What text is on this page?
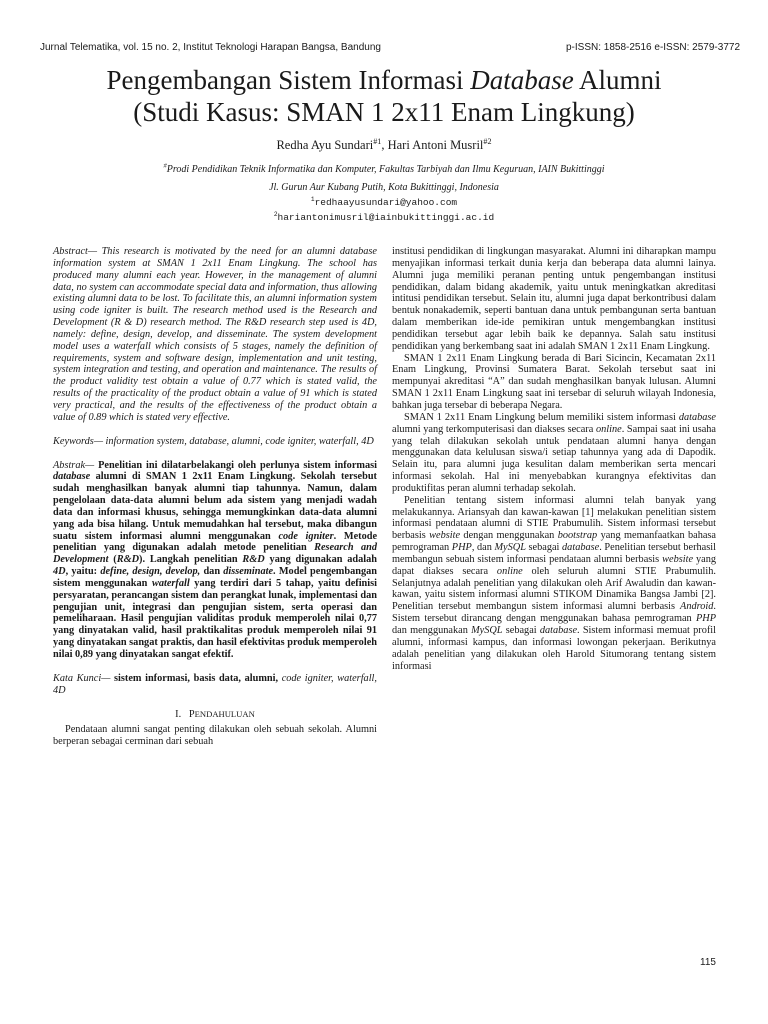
Jurnal Telematika, vol. 15 no. 2, Institut Teknologi Harapan Bangsa, Bandung	p-ISSN: 1858-2516 e-ISSN: 2579-3772
Pengembangan Sistem Informasi Database Alumni
(Studi Kasus: SMAN 1 2x11 Enam Lingkung)
Redha Ayu Sundari$^{\#1}$, Hari Antoni Musril$^{\#2}$
#Prodi Pendidikan Teknik Informatika dan Komputer, Fakultas Tarbiyah dan Ilmu Keguruan, IAIN Bukittinggi
Jl. Gurun Aur Kubang Putih, Kota Bukittinggi, Indonesia
$^1$redhaayusundari@yahoo.com
$^2$hariantonimusril@iainbukittinggi.ac.id

Abstract— This research is motivated by the need for an alumni database information system at SMAN 1 2x11 Enam Lingkung. The school has produced many alumni each year. However, in the management of alumni data, no system can accommodate special data and information, thus allowing existing alumni data to be lost. To facilitate this, an alumni information system using code igniter is built. The research method used is the Research and Development (R & D) research method. The R&D research step used is 4D, namely: define, design, develop, and disseminate. The system development model uses a waterfall which consists of 5 stages, namely the definition of requirements, system and software design, implementation and unit testing, system integration and testing, and operation and maintenance. The results of the product validity test obtain a value of 0.77 which is stated valid, the results of the practicality of the product obtain a value of 91 which is stated very practical, and the results of the effectiveness of the product obtain a value of 0.89 which is stated very effective.

Keywords— information system, database, alumni, code igniter, waterfall, 4D

Abstrak— Penelitian ini dilatarbelakangi oleh perlunya sistem informasi database alumni di SMAN 1 2x11 Enam Lingkung. Sekolah tersebut sudah menghasilkan banyak alumni tiap tahunnya. Namun, dalam pengelolaan data-data alumni belum ada sistem yang menjadi wadah data dan informasi khusus, sehingga memungkinkan data-data alumni yang ada bisa hilang. Untuk memudahkan hal tersebut, maka dibangun suatu sistem informasi alumni menggunakan code igniter. Metode penelitian yang digunakan adalah metode penelitian Research and Development (R&D). Langkah penelitian R&D yang digunakan adalah 4D, yaitu: define, design, develop, dan disseminate. Model pengembangan sistem menggunakan waterfall yang terdiri dari 5 tahap, yaitu definisi persyaratan, perancangan sistem dan perangkat lunak, implementasi dan pengujian unit, integrasi dan pengujian sistem, serta operasi dan pemeliharaan. Hasil pengujian validitas produk memperoleh nilai 0,77 yang dinyatakan valid, hasil praktikalitas produk memperoleh nilai 91 yang dinyatakan sangat praktis, dan hasil efektivitas produk memperoleh nilai 0,89 yang dinyatakan sangat efektif.

Kata Kunci— sistem informasi, basis data, alumni, code igniter, waterfall, 4D

I. PENDAHULUAN

Pendataan alumni sangat penting dilakukan oleh sebuah sekolah. Alumni berperan sebagai cerminan dari sebuah

institusi pendidikan di lingkungan masyarakat. Alumni ini diharapkan mampu menyajikan informasi terkait dunia kerja dan beberapa data alumni lainya. Alumni juga memiliki peranan penting untuk pengembangan institusi pendidikan, dalam bidang akademik, yaitu untuk meningkatkan akreditasi intitusi pendidikan tersebut. Selain itu, alumni juga dapat berkontribusi dalam bentuk nonakademik, seperti bantuan dana untuk pembangunan serta bantuan dalam memberikan ide-ide pemikiran untuk mengembangkan institusi pendidikan tersebut agar lebih baik ke depannya. Salah satu institusi pendidikan yang berkembang saat ini adalah SMAN 1 2x11 Enam Lingkung.

SMAN 1 2x11 Enam Lingkung berada di Bari Sicincin, Kecamatan 2x11 Enam Lingkung, Provinsi Sumatera Barat. Sekolah tersebut saat ini mempunyai akreditasi “A” dan sudah menghasilkan banyak lulusan. Alumni SMAN 1 2x11 Enam Lingkung saat ini tersebar di seluruh wilayah Indonesia, bahkan juga tersebar di beberapa Negara.

SMAN 1 2x11 Enam Lingkung belum memiliki sistem informasi database alumni yang terkomputerisasi dan diakses secara online. Sampai saat ini usaha yang telah dilakukan sekolah untuk pendataan alumni hanya dengan menggunakan data kelulusan siswa/i setiap tahunnya yang ada di Dapodik. Selain itu, para alumni juga kesulitan dalam memberikan serta mencari informasi sekolah. Hal ini menyebabkan kurangnya efektivitas dan produktifitas peran alumni terhadap sekolah.

Penelitian tentang sistem informasi alumni telah banyak yang melakukannya. Ariansyah dan kawan-kawan [1] melakukan penelitian sistem informasi pendataan alumni di STIE Prabumulih. Sistem informasi tersebut berbasis website dengan menggunakan bootstrap yang memanfaatkan bahasa pemrograman PHP, dan MySQL sebagai database. Penelitian tersebut berhasil membangun sebuah sistem informasi pendataan alumni berbasis website yang dapat diakses secara online oleh seluruh alumni STIE Prabumulih. Selanjutnya adalah penelitian yang dilakukan oleh Arif Awaludin dan kawan-kawan, yaitu sistem informasi alumni STIKOM Dinamika Bangsa Jambi [2]. Penelitian tersebut membangun sistem informasi alumni berbasis Android. Sistem tersebut dirancang dengan menggunakan bahasa pemrograman PHP dan menggunakan MySQL sebagai database. Sistem informasi memuat profil alumni, informasi kampus, dan informasi lowongan pekerjaan. Berikutnya adalah penelitian yang dilakukan oleh Harold Situmorang tentang sistem informasi

115
